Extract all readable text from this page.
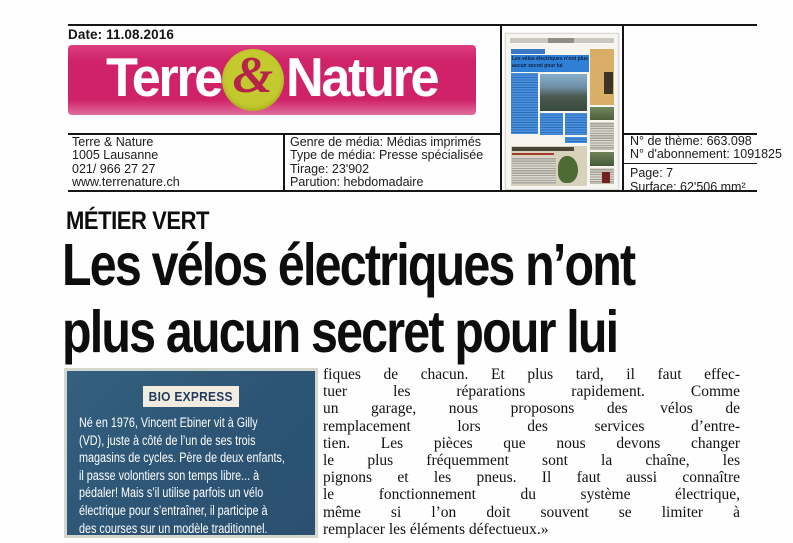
Date: 11.08.2016
Terre & Nature
Terre & Nature
1005 Lausanne
021/ 966 27 27
www.terrenature.ch
Genre de média: Médias imprimés
Type de média: Presse spécialisée
Tirage: 23'902
Parution: hebdomadaire
N° de thème: 663.098
N° d'abonnement: 1091825
Page: 7
Surface: 62'506 mm²
Les vélos électriques n’ont plus aucun secret pour lui
MÉTIER VERT
Les vélos électriques n’ont
plus aucun secret pour lui
BIO EXPRESS
Né en 1976, Vincent Ebiner vit à Gilly
(VD), juste à côté de l’un de ses trois
magasins de cycles. Père de deux enfants,
il passe volontiers son temps libre... à
pédaler! Mais s’il utilise parfois un vélo
électrique pour s’entraîner, il participe à
des courses sur un modèle traditionnel.
fiques de chacun. Et plus tard, il faut effec-
tuer les réparations rapidement. Comme
un garage, nous proposons des vélos de
remplacement lors des services d’entre-
tien. Les pièces que nous devons changer
le plus fréquemment sont la chaîne, les
pignons et les pneus. Il faut aussi connaître
le fonctionnement du système électrique,
même si l’on doit souvent se limiter à
remplacer les éléments défectueux.»
